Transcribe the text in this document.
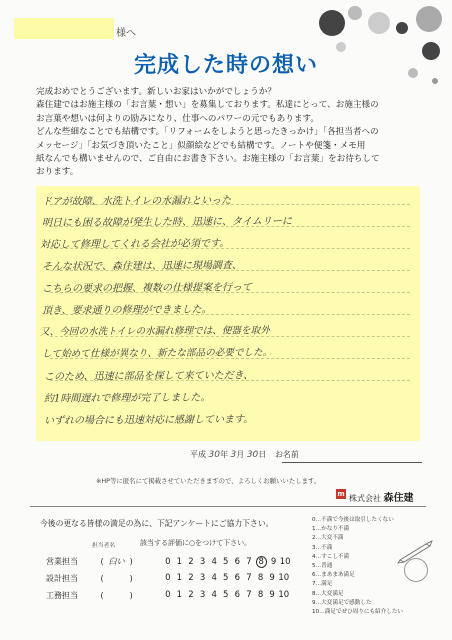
様へ
完成した時の想い

完成おめでとうございます。新しいお家はいかがでしょうか？

森住建ではお施主様の「お言葉・想い」を募集しております。私達にとって、お施主様の

お言葉や想いは何よりの励みになり、仕事へのパワーの元でもあります。

どんな些細なことでも結構です。「リフォームをしようと思ったきっかけ」「各担当者への

メッセージ」「お気づき頂いたこと」似顔絵などでも結構です。ノートや便箋・メモ用

紙なんでも構いませんので、ご自由にお書き下さい。お施主様の「お言葉」をお待ちして

おります。

ドアが故障、水洗トイレの水漏れといった
明日にも困る故障が発生した時、迅速に、タイムリーに
対応して修理してくれる会社が必須です。
そんな状況で、森住建は、迅速に現場調査、
こちらの要求の把握、複数の仕様提案を行って
頂き、要求通りの修理ができました。
又、今回の水洗トイレの水漏れ修理では、便器を取外
して始めて仕様が異なり、新たな部品の必要でした。
このため、迅速に部品を探して来ていただき、
約1時間遅れで修理が完了しました。
いずれの場合にも迅速対応に感謝しています。
平成 30年 3月 30日 お名前
※HP等に匿名にて掲載させていただきますので、よろしくお願いいたします。
m 株式会社 森住建
今後の更なる皆様の満足の為に、下記アンケートにご協力下さい。
担当者名	該当する評価に○をつけて下さい。
営業担当	( 臼い )	0 1 2 3 4 5 6 7 8 9 10
設計担当	(	)	0 1 2 3 4 5 6 7 8 9 10
工務担当	(	)	0 1 2 3 4 5 6 7 8 9 10
0…不満で今後は取引したくない
1…かなり不満
2…大変不満
3…不満
4…すこし不満
5…普通
6…まあまあ満足
7…満足
8…大変満足
9…大変満足で感動した
10…満足でぜひ周りにも紹介したい
